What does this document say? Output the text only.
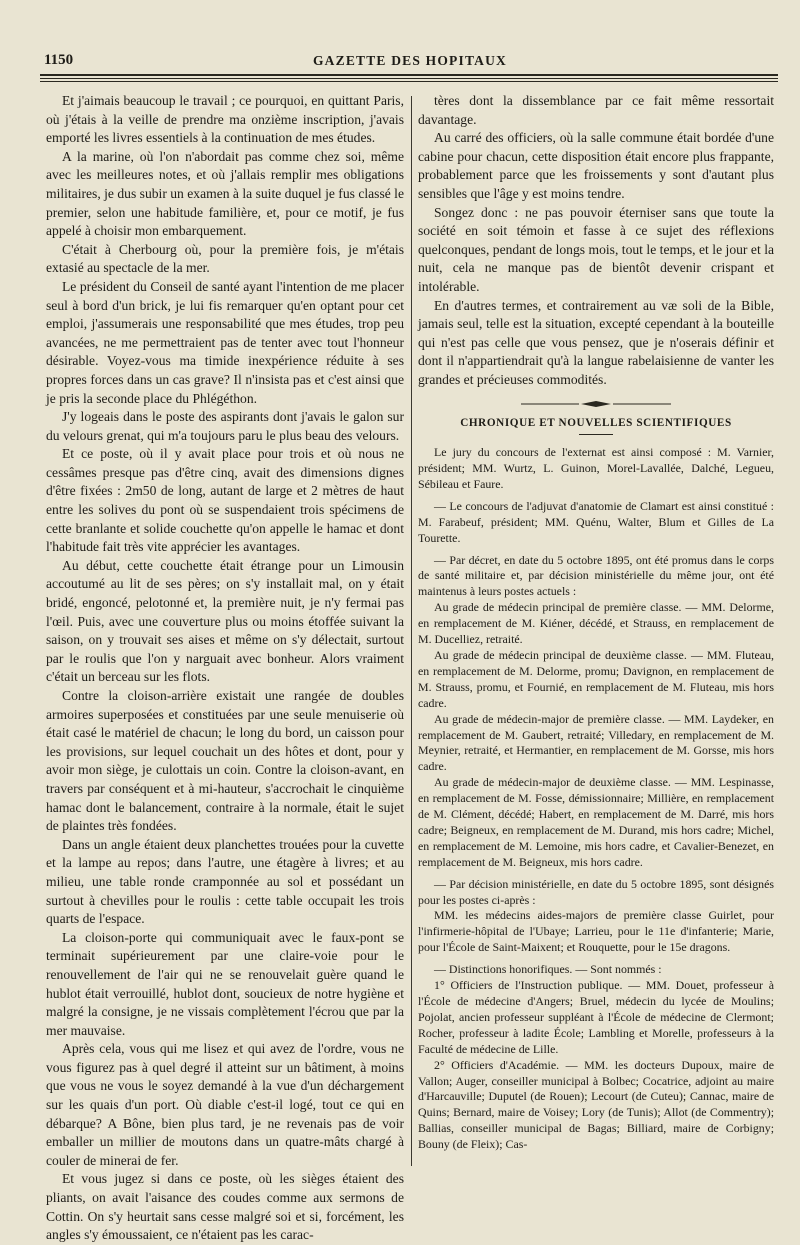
1150	GAZETTE DES HOPITAUX

Et j'aimais beaucoup le travail ; ce pourquoi, en quittant Paris, où j'étais à la veille de prendre ma onzième inscription, j'avais emporté les livres essentiels à la continuation de mes études.

A la marine, où l'on n'abordait pas comme chez soi, même avec les meilleures notes, et où j'allais remplir mes obligations militaires, je dus subir un examen à la suite duquel je fus classé le premier, selon une habitude familière, et, pour ce motif, je fus appelé à choisir mon embarquement.

C'était à Cherbourg où, pour la première fois, je m'étais extasié au spectacle de la mer.

Le président du Conseil de santé ayant l'intention de me placer seul à bord d'un brick, je lui fis remarquer qu'en optant pour cet emploi, j'assumerais une responsabilité que mes études, trop peu avancées, ne me permettraient pas de tenter avec tout l'honneur désirable. Voyez-vous ma timide inexpérience réduite à ses propres forces dans un cas grave? Il n'insista pas et c'est ainsi que je pris la seconde place du Phlégéthon.

J'y logeais dans le poste des aspirants dont j'avais le galon sur du velours grenat, qui m'a toujours paru le plus beau des velours.

Et ce poste, où il y avait place pour trois et où nous ne cessâmes presque pas d'être cinq, avait des dimensions dignes d'être fixées : 2m50 de long, autant de large et 2 mètres de haut entre les solives du pont où se suspendaient trois spécimens de cette branlante et solide couchette qu'on appelle le hamac et dont l'habitude fait très vite apprécier les avantages.

Au début, cette couchette était étrange pour un Limousin accoutumé au lit de ses pères; on s'y installait mal, on y était bridé, engoncé, pelotonné et, la première nuit, je n'y fermai pas l'œil. Puis, avec une couverture plus ou moins étoffée suivant la saison, on y trouvait ses aises et même on s'y délectait, surtout par le roulis que l'on y narguait avec bonheur. Alors vraiment c'était un berceau sur les flots.

Contre la cloison-arrière existait une rangée de doubles armoires superposées et constituées par une seule menuiserie où était casé le matériel de chacun; le long du bord, un caisson pour les provisions, sur lequel couchait un des hôtes et dont, pour y avoir mon siège, je culottais un coin. Contre la cloison-avant, en travers par conséquent et à mi-hauteur, s'accrochait le cinquième hamac dont le balancement, contraire à la normale, était le sujet de plaintes très fondées.

Dans un angle étaient deux planchettes trouées pour la cuvette et la lampe au repos; dans l'autre, une étagère à livres; et au milieu, une table ronde cramponnée au sol et possédant un surtout à chevilles pour le roulis : cette table occupait les trois quarts de l'espace.

La cloison-porte qui communiquait avec le faux-pont se terminait supérieurement par une claire-voie pour le renouvellement de l'air qui ne se renouvelait guère quand le hublot était verrouillé, hublot dont, soucieux de notre hygiène et malgré la consigne, je ne vissais complètement l'écrou que par la mer mauvaise.

Après cela, vous qui me lisez et qui avez de l'ordre, vous ne vous figurez pas à quel degré il atteint sur un bâtiment, à moins que vous ne vous le soyez demandé à la vue d'un déchargement sur les quais d'un port. Où diable c'est-il logé, tout ce qui en débarque? A Bône, bien plus tard, je ne revenais pas de voir emballer un millier de moutons dans un quatre-mâts chargé à couler de minerai de fer.

Et vous jugez si dans ce poste, où les sièges étaient des pliants, on avait l'aisance des coudes comme aux sermons de Cottin. On s'y heurtait sans cesse malgré soi et si, forcément, les angles s'y émoussaient, ce n'étaient pas les carac-

tères dont la dissemblance par ce fait même ressortait davantage.

Au carré des officiers, où la salle commune était bordée d'une cabine pour chacun, cette disposition était encore plus frappante, probablement parce que les froissements y sont d'autant plus sensibles que l'âge y est moins tendre.

Songez donc : ne pas pouvoir éterniser sans que toute la société en soit témoin et fasse à ce sujet des réflexions quelconques, pendant de longs mois, tout le temps, et le jour et la nuit, cela ne manque pas de bientôt devenir crispant et intolérable.

En d'autres termes, et contrairement au væ soli de la Bible, jamais seul, telle est la situation, excepté cependant à la bouteille qui n'est pas celle que vous pensez, que je n'oserais définir et dont il n'appartiendrait qu'à la langue rabelaisienne de vanter les grandes et précieuses commodités.

CHRONIQUE ET NOUVELLES SCIENTIFIQUES

Le jury du concours de l'externat est ainsi composé : M. Varnier, président; MM. Wurtz, L. Guinon, Morel-Lavallée, Dalché, Legueu, Sébileau et Faure.

— Le concours de l'adjuvat d'anatomie de Clamart est ainsi constitué : M. Farabeuf, président; MM. Quénu, Walter, Blum et Gilles de La Tourette.

— Par décret, en date du 5 octobre 1895, ont été promus dans le corps de santé militaire et, par décision ministérielle du même jour, ont été maintenus à leurs postes actuels :

Au grade de médecin principal de première classe. — MM. Delorme, en remplacement de M. Kiéner, décédé, et Strauss, en remplacement de M. Ducelliez, retraité.

Au grade de médecin principal de deuxième classe. — MM. Fluteau, en remplacement de M. Delorme, promu; Davignon, en remplacement de M. Strauss, promu, et Fournié, en remplacement de M. Fluteau, mis hors cadre.

Au grade de médecin-major de première classe. — MM. Laydeker, en remplacement de M. Gaubert, retraité; Villedary, en remplacement de M. Meynier, retraité, et Hermantier, en remplacement de M. Gorsse, mis hors cadre.

Au grade de médecin-major de deuxième classe. — MM. Lespinasse, en remplacement de M. Fosse, démissionnaire; Millière, en remplacement de M. Clément, décédé; Habert, en remplacement de M. Darré, mis hors cadre; Beigneux, en remplacement de M. Durand, mis hors cadre; Michel, en remplacement de M. Lemoine, mis hors cadre, et Cavalier-Benezet, en remplacement de M. Beigneux, mis hors cadre.

— Par décision ministérielle, en date du 5 octobre 1895, sont désignés pour les postes ci-après :

MM. les médecins aides-majors de première classe Guirlet, pour l'infirmerie-hôpital de l'Ubaye; Larrieu, pour le 11e d'infanterie; Marie, pour l'École de Saint-Maixent; et Rouquette, pour le 15e dragons.

— Distinctions honorifiques. — Sont nommés :

1° Officiers de l'Instruction publique. — MM. Douet, professeur à l'École de médecine d'Angers; Bruel, médecin du lycée de Moulins; Pojolat, ancien professeur suppléant à l'École de médecine de Clermont; Rocher, professeur à ladite École; Lambling et Morelle, professeurs à la Faculté de médecine de Lille.

2° Officiers d'Académie. — MM. les docteurs Dupoux, maire de Vallon; Auger, conseiller municipal à Bolbec; Cocatrice, adjoint au maire d'Harcauville; Duputel (de Rouen); Lecourt (de Cuteu); Cannac, maire de Quins; Bernard, maire de Voisey; Lory (de Tunis); Allot (de Commentry); Ballias, conseiller municipal de Bagas; Billiard, maire de Corbigny; Bouny (de Fleix); Cas-
